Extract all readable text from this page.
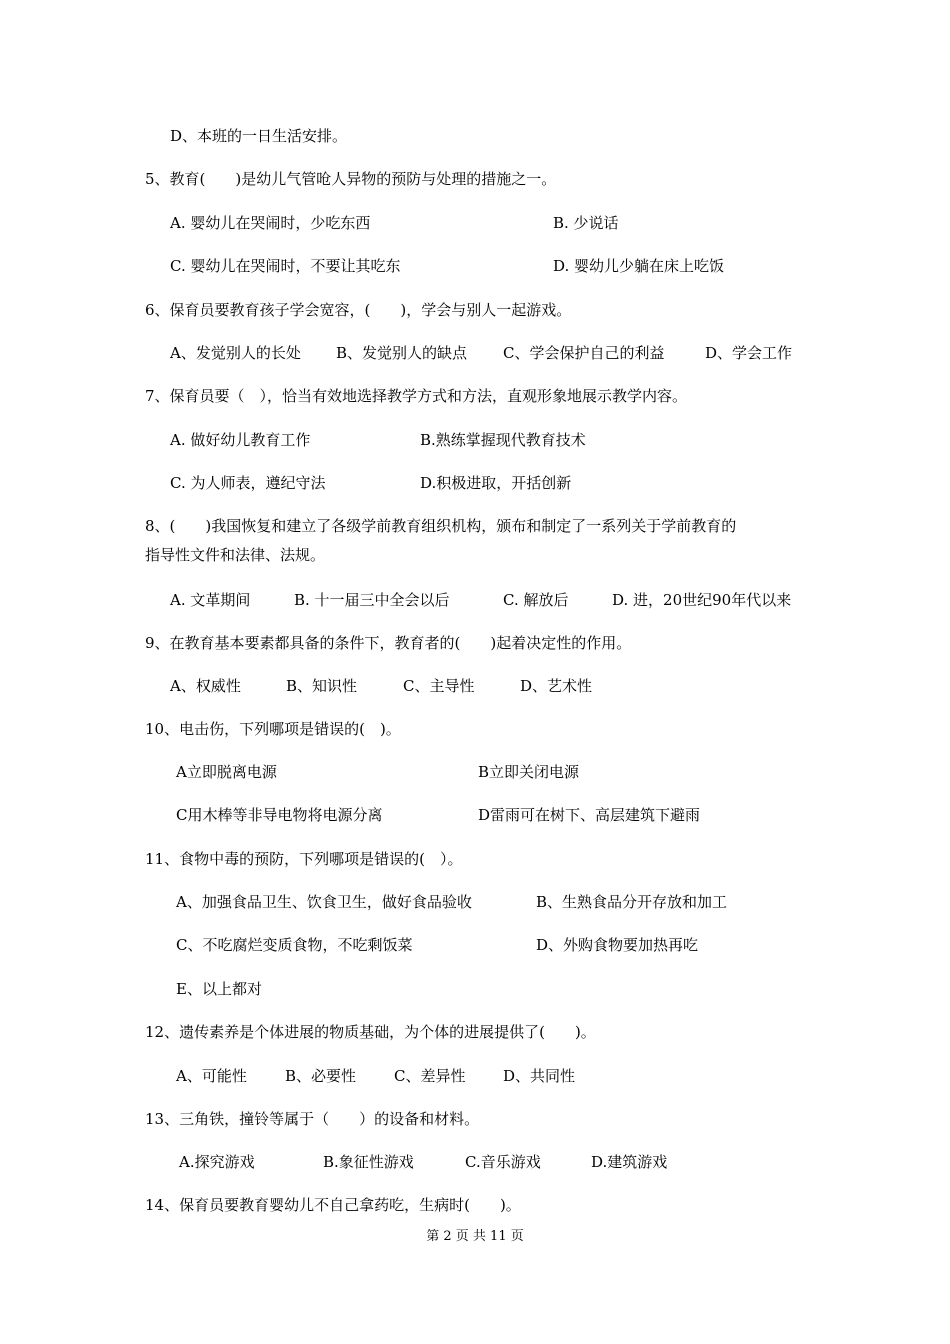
D、本班的一日生活安排。
5、教育(　　)是幼儿气管呛人异物的预防与处理的措施之一。
A. 婴幼儿在哭闹时，少吃东西	B. 少说话
C. 婴幼儿在哭闹时，不要让其吃东	D. 婴幼儿少躺在床上吃饭
6、保育员要教育孩子学会宽容，(　　)，学会与别人一起游戏。
A、发觉别人的长处 B、发觉别人的缺点 C、学会保护自己的利益	D、学会工作
7、保育员要（　），恰当有效地选择教学方式和方法，直观形象地展示教学内容。
A. 做好幼儿教育工作	B.熟练掌握现代教育技术
C. 为人师表，遵纪守法	D.积极进取，开括创新
8、(　　)我国恢复和建立了各级学前教育组织机构，颁布和制定了一系列关于学前教育的
指导性文件和法律、法规。
A. 文革期间	B. 十一届三中全会以后	C. 解放后	D. 进，20世纪90年代以来
9、在教育基本要素都具备的条件下，教育者的(　　)起着决定性的作用。
A、权威性	B、知识性	C、主导性	D、艺术性
10、电击伤，下列哪项是错误的(　)。
A立即脱离电源	B立即关闭电源
C用木棒等非导电物将电源分离	D雷雨可在树下、高层建筑下避雨
11、食物中毒的预防，下列哪项是错误的(　）。
A、加强食品卫生、饮食卫生，做好食品验收	B、生熟食品分开存放和加工
C、不吃腐烂变质食物，不吃剩饭菜	D、外购食物要加热再吃
E、以上都对
12、遗传素养是个体进展的物质基础，为个体的进展提供了(　　)。
A、可能性	B、必要性	C、差异性	D、共同性
13、三角铁，撞铃等属于（　　）的设备和材料。
A.探究游戏	B.象征性游戏	C.音乐游戏	D.建筑游戏
14、保育员要教育婴幼儿不自己拿药吃，生病时(　　)。
第 2 页 共 11 页
